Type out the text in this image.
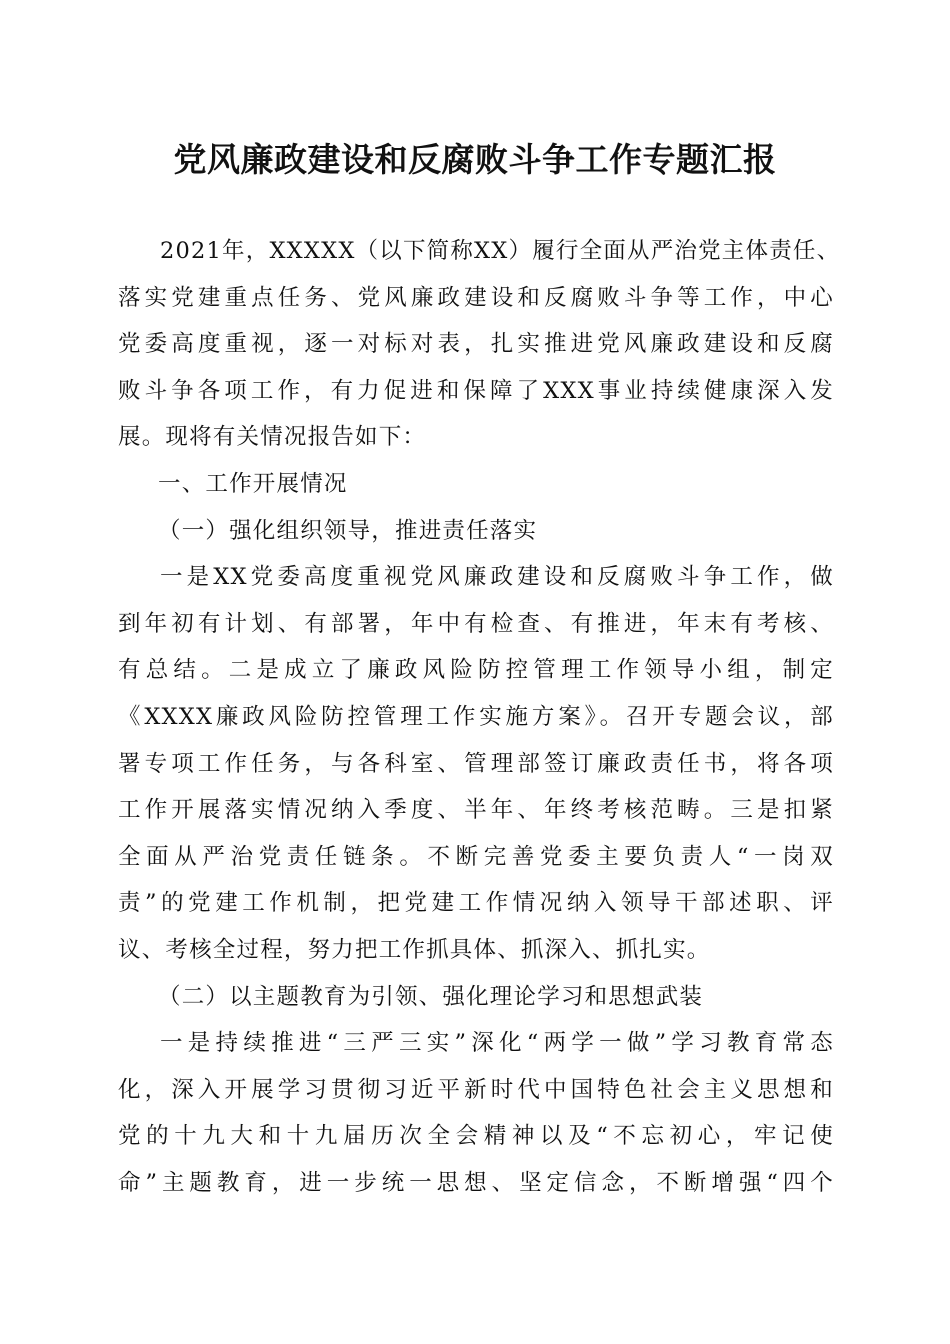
党风廉政建设和反腐败斗争工作专题汇报
2021年，XXXXX（以下简称XX）履行全面从严治党主体责任、
落实党建重点任务、党风廉政建设和反腐败斗争等工作，中心
党委高度重视，逐一对标对表，扎实推进党风廉政建设和反腐
败斗争各项工作，有力促进和保障了XXX事业持续健康深入发
展。现将有关情况报告如下：
一、工作开展情况
（一）强化组织领导，推进责任落实
一是XX党委高度重视党风廉政建设和反腐败斗争工作，做
到年初有计划、有部署，年中有检查、有推进，年末有考核、
有总结。二是成立了廉政风险防控管理工作领导小组，制定
《XXXX廉政风险防控管理工作实施方案》。召开专题会议，部
署专项工作任务，与各科室、管理部签订廉政责任书，将各项
工作开展落实情况纳入季度、半年、年终考核范畴。三是扣紧
全面从严治党责任链条。不断完善党委主要负责人“一岗双
责”的党建工作机制，把党建工作情况纳入领导干部述职、评
议、考核全过程，努力把工作抓具体、抓深入、抓扎实。
（二）以主题教育为引领、强化理论学习和思想武装
一是持续推进“三严三实”深化“两学一做”学习教育常态
化，深入开展学习贯彻习近平新时代中国特色社会主义思想和
党的十九大和十九届历次全会精神以及“不忘初心，牢记使
命”主题教育，进一步统一思想、坚定信念，不断增强“四个
